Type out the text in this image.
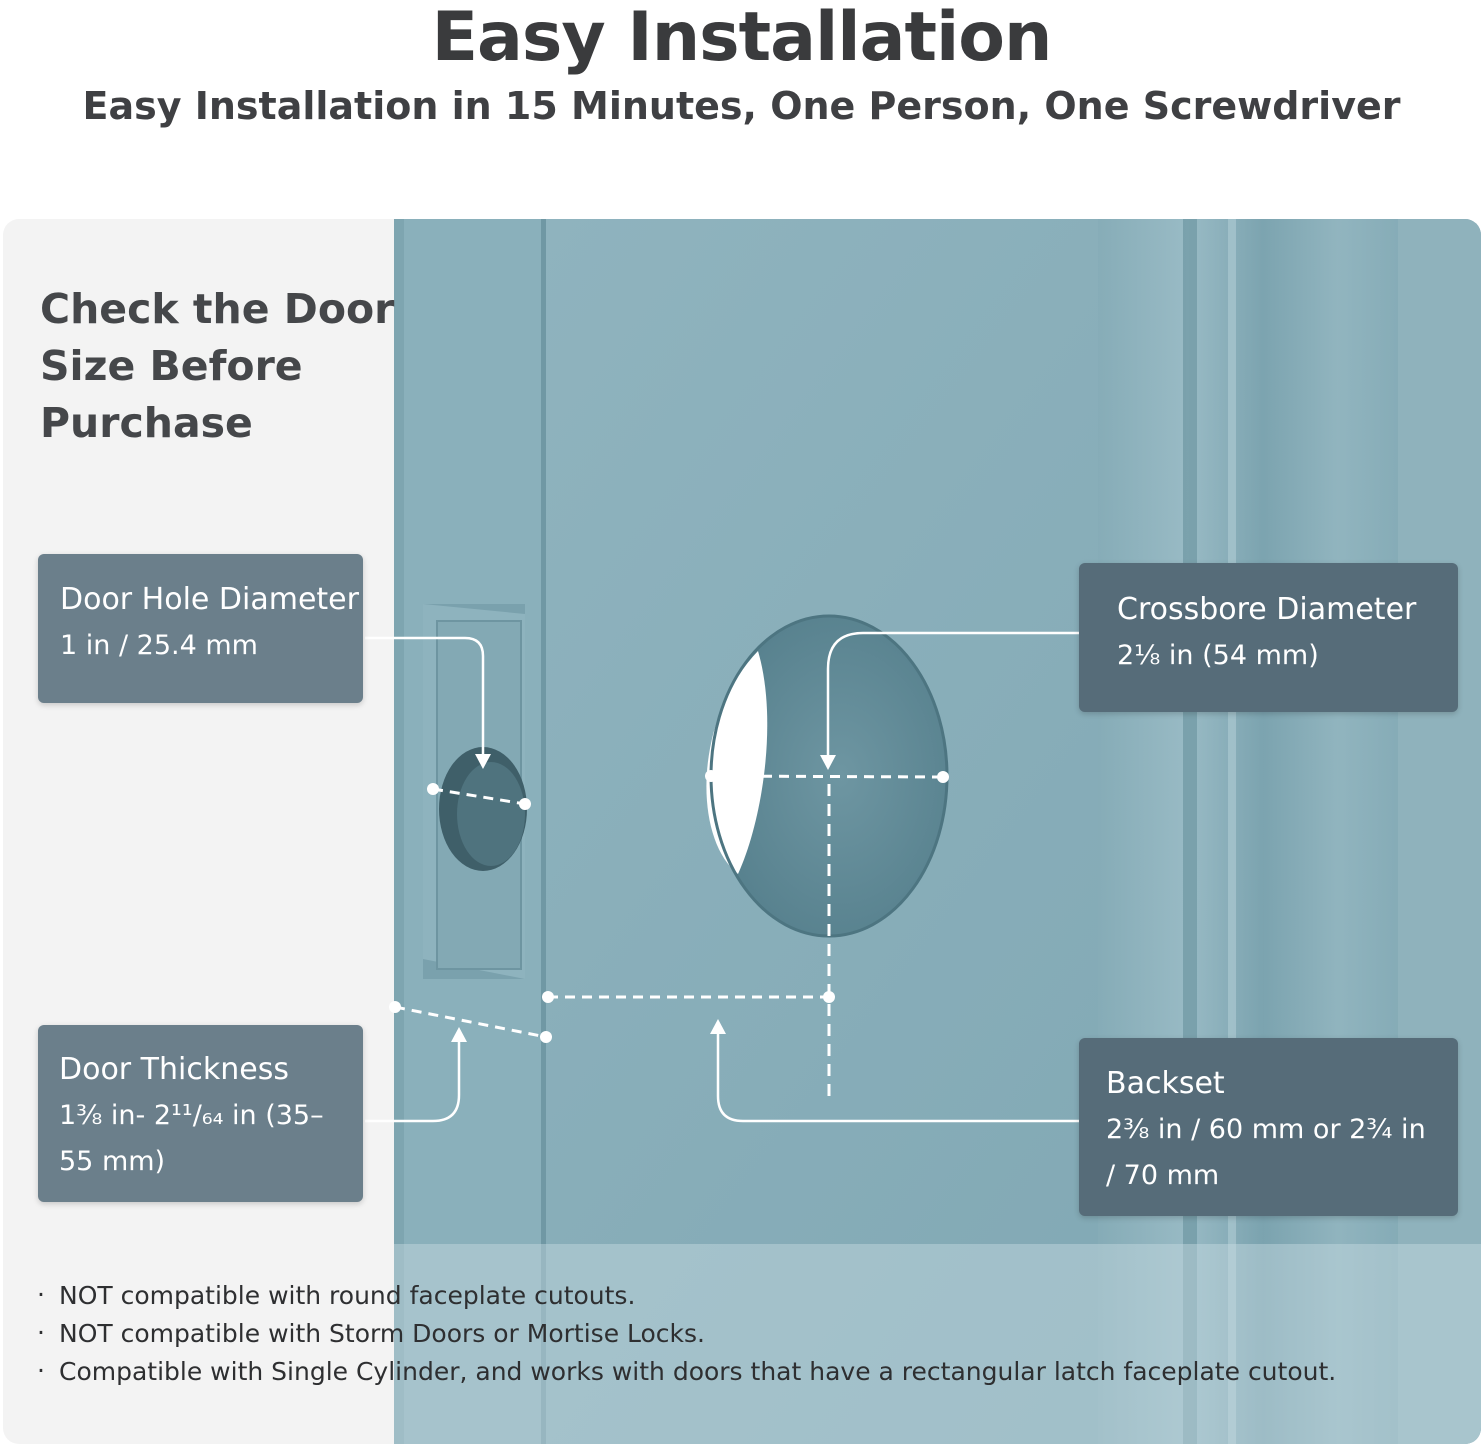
Easy Installation
Easy Installation in 15 Minutes, One Person, One Screwdriver
Check the Door Size Before Purchase
Door Hole Diameter
1 in / 25.4 mm
Crossbore Diameter
2⅛ in (54 mm)
Door Thickness
1⅜ in- 2¹¹/₆₄ in (35–55 mm)
Backset
2⅜ in / 60 mm or 2¾ in / 70 mm
· NOT compatible with round faceplate cutouts.
· NOT compatible with Storm Doors or Mortise Locks.
· Compatible with Single Cylinder, and works with doors that have a rectangular latch faceplate cutout.
